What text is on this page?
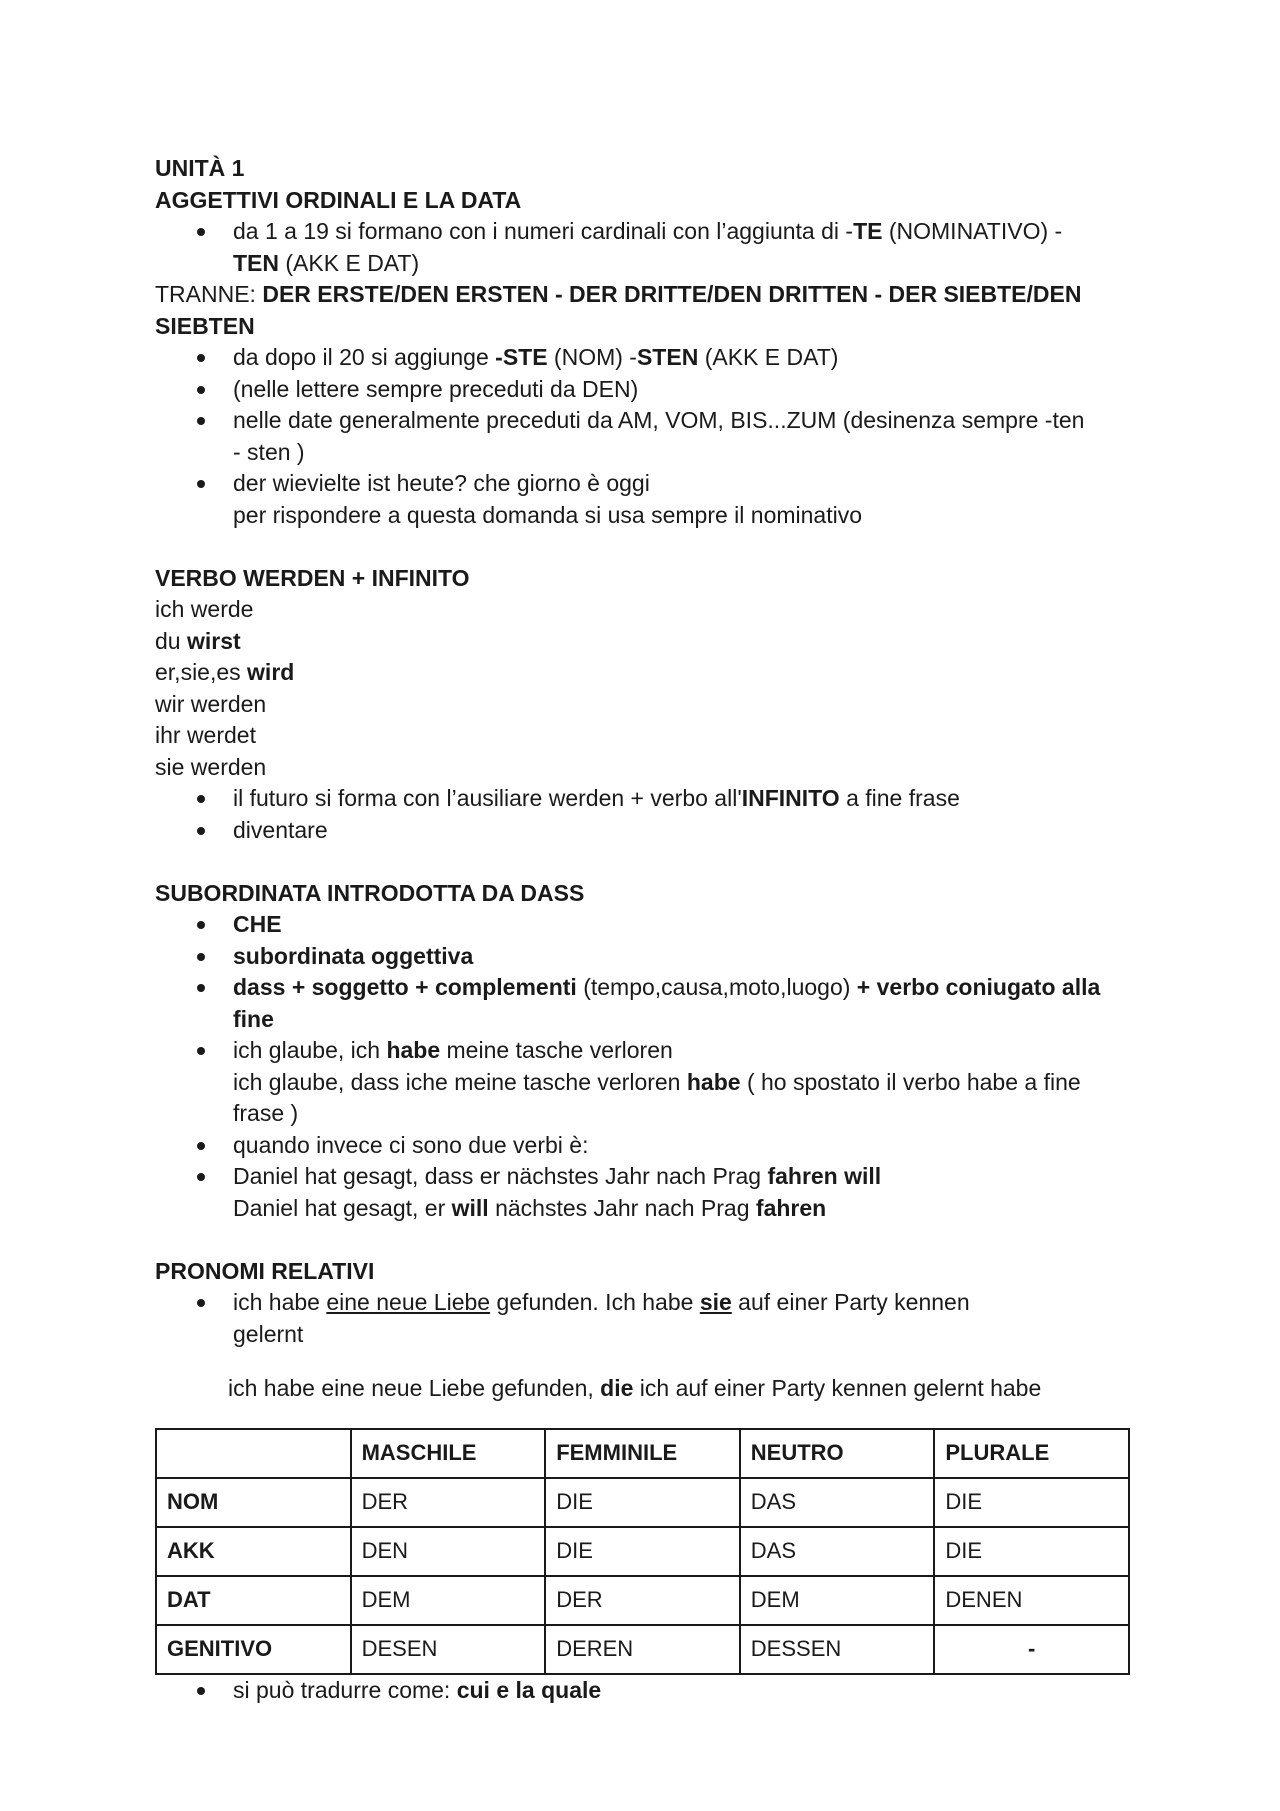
UNITÀ 1

AGGETTIVI ORDINALI E LA DATA

da 1 a 19 si formano con i numeri cardinali con l’aggiunta di -TE (NOMINATIVO) -
TEN (AKK E DAT)

TRANNE: DER ERSTE/DEN ERSTEN - DER DRITTE/DEN DRITTEN - DER SIEBTE/DEN

SIEBTEN

da dopo il 20 si aggiunge -STE (NOM) -STEN (AKK E DAT)
(nelle lettere sempre preceduti da DEN)
nelle date generalmente preceduti da AM, VOM, BIS...ZUM (desinenza sempre -ten
- sten )
der wievielte ist heute? che giorno è oggi
per rispondere a questa domanda si usa sempre il nominativo

VERBO WERDEN + INFINITO

ich werde

du wirst

er,sie,es wird

wir werden

ihr werdet

sie werden

il futuro si forma con l’ausiliare werden + verbo all'INFINITO a fine frase
diventare

SUBORDINATA INTRODOTTA DA DASS

CHE
subordinata oggettiva
dass + soggetto + complementi (tempo,causa,moto,luogo) + verbo coniugato alla
fine
ich glaube, ich habe meine tasche verloren
ich glaube, dass iche meine tasche verloren habe ( ho spostato il verbo habe a fine
frase )
quando invece ci sono due verbi è:
Daniel hat gesagt, dass er nächstes Jahr nach Prag fahren will
Daniel hat gesagt, er will nächstes Jahr nach Prag fahren

PRONOMI RELATIVI

ich habe eine neue Liebe gefunden. Ich habe sie auf einer Party kennen
gelernt

ich habe eine neue Liebe gefunden, die ich auf einer Party kennen gelernt habe

	MASCHILE	FEMMINILE	NEUTRO	PLURALE
NOM	DER	DIE	DAS	DIE
AKK	DEN	DIE	DAS	DIE
DAT	DEM	DER	DEM	DENEN
GENITIVO	DESEN	DEREN	DESSEN	-
si può tradurre come: cui e la quale
